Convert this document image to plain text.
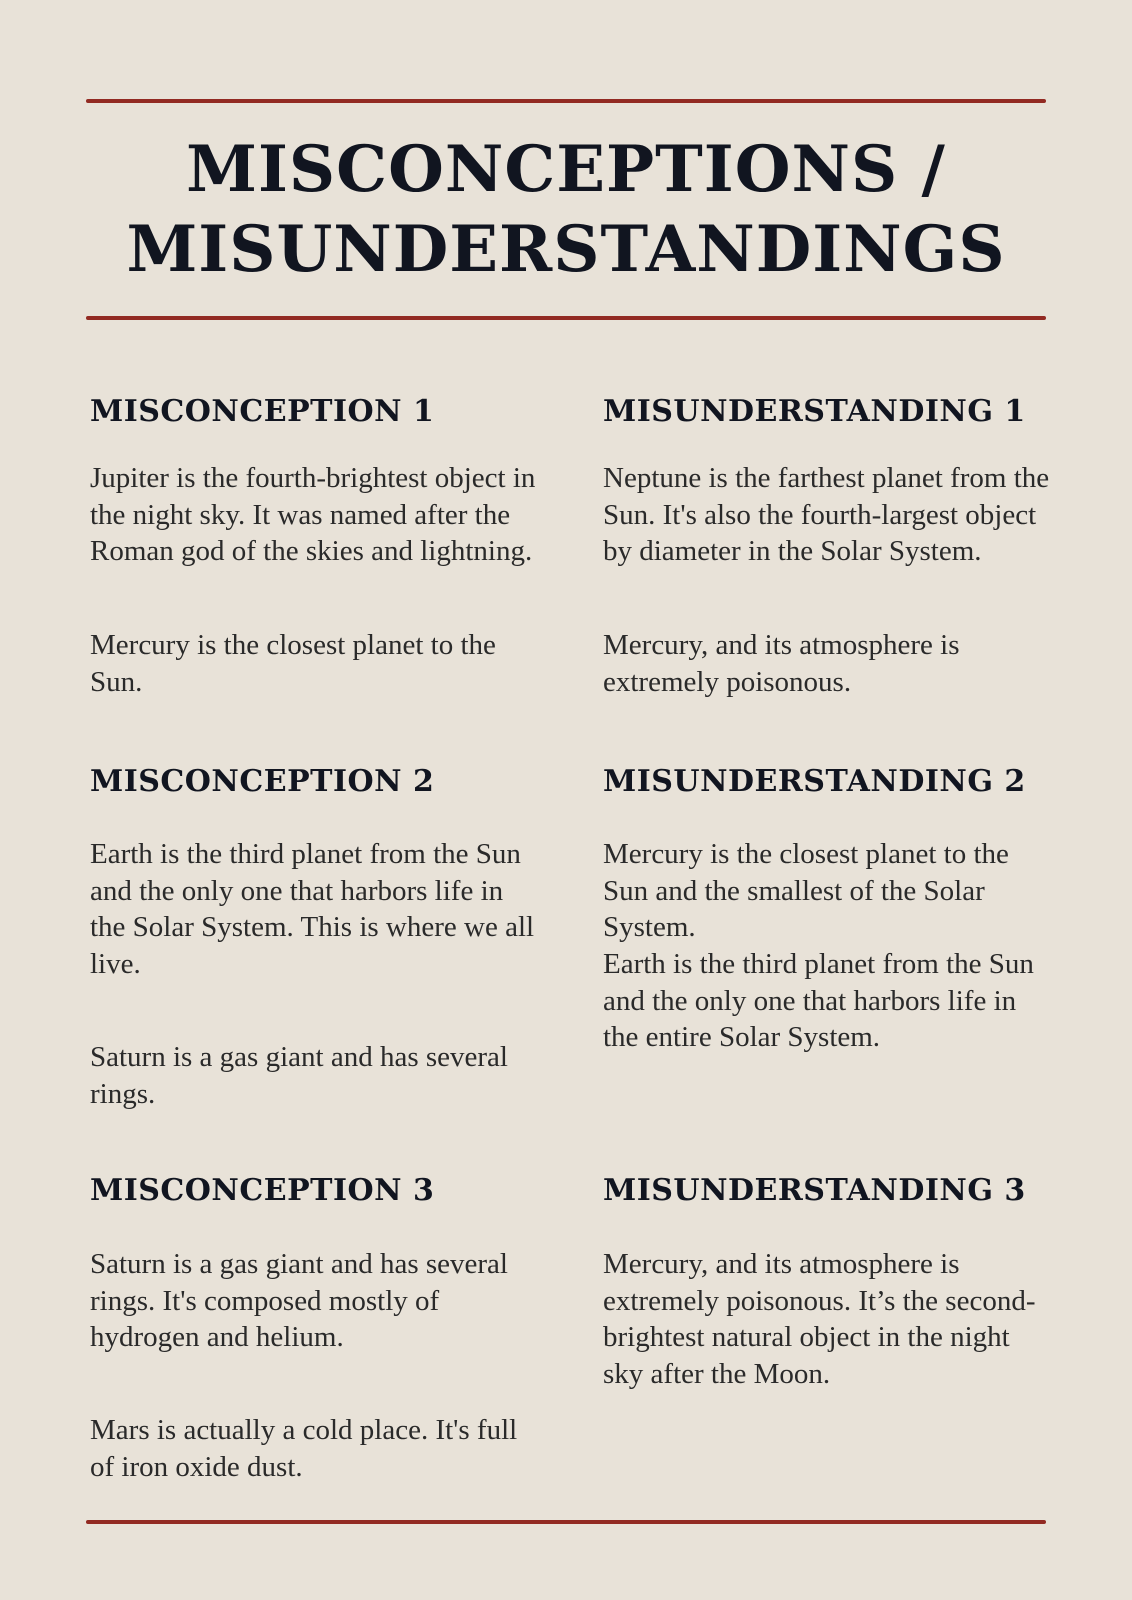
MISCONCEPTIONS /
MISUNDERSTANDINGS
MISCONCEPTION 1

Jupiter is the fourth-brightest object in the night sky. It was named after the Roman god of the skies and lightning.

Mercury is the closest planet to the Sun.

MISCONCEPTION 2

Earth is the third planet from the Sun and the only one that harbors life in the Solar System. This is where we all live.

Saturn is a gas giant and has several rings.

MISCONCEPTION 3

Saturn is a gas giant and has several rings. It's composed mostly of hydrogen and helium.

Mars is actually a cold place. It's full of iron oxide dust.

MISUNDERSTANDING 1

Neptune is the farthest planet from the Sun. It's also the fourth-largest object by diameter in the Solar System.

Mercury, and its atmosphere is extremely poisonous.

MISUNDERSTANDING 2

Mercury is the closest planet to the Sun and the smallest of the Solar System.

Earth is the third planet from the Sun and the only one that harbors life in the entire Solar System.

MISUNDERSTANDING 3

Mercury, and its atmosphere is extremely poisonous. It’s the second-brightest natural object in the night sky after the Moon.
